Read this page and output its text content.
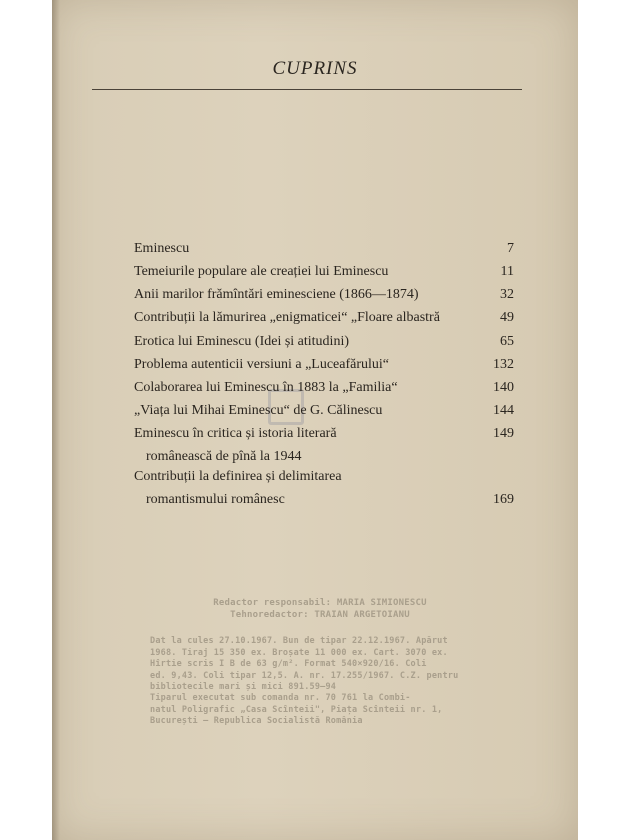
CUPRINS
Eminescu	7
Temeiurile populare ale creației lui Eminescu	11
Anii marilor frămîntări eminesciene (1866—1874)	32
Contribuții la lămurirea „enigmaticei“ „Floare albastră	49
Erotica lui Eminescu (Idei și atitudini)	65
Problema autenticii versiuni a „Luceafărului“	132
Colaborarea lui Eminescu în 1883 la „Familia“	140
„Viața lui Mihai Eminescu“ de G. Călinescu	144
Eminescu în critica și istoria literară	149
românească de pînă la 1944
Contribuții la definirea și delimitarea
romantismului românesc	169
Redactor responsabil: MARIA SIMIONESCU
Tehnoredactor: TRAIAN ARGETOIANU
Dat la cules 27.10.1967. Bun de tipar 22.12.1967. Apărut
1968. Tiraj 15 350 ex. Broșate 11 000 ex. Cart. 3070 ex.
Hîrtie scris I B de 63 g/m². Format 540×920/16. Coli
ed. 9,43. Coli tipar 12,5. A. nr. 17.255/1967. C.Z. pentru
bibliotecile mari și mici 891.59—94
Tiparul executat sub comanda nr. 70 761 la Combi-
natul Poligrafic „Casa Scînteii", Piața Scînteii nr. 1,
București — Republica Socialistă România
